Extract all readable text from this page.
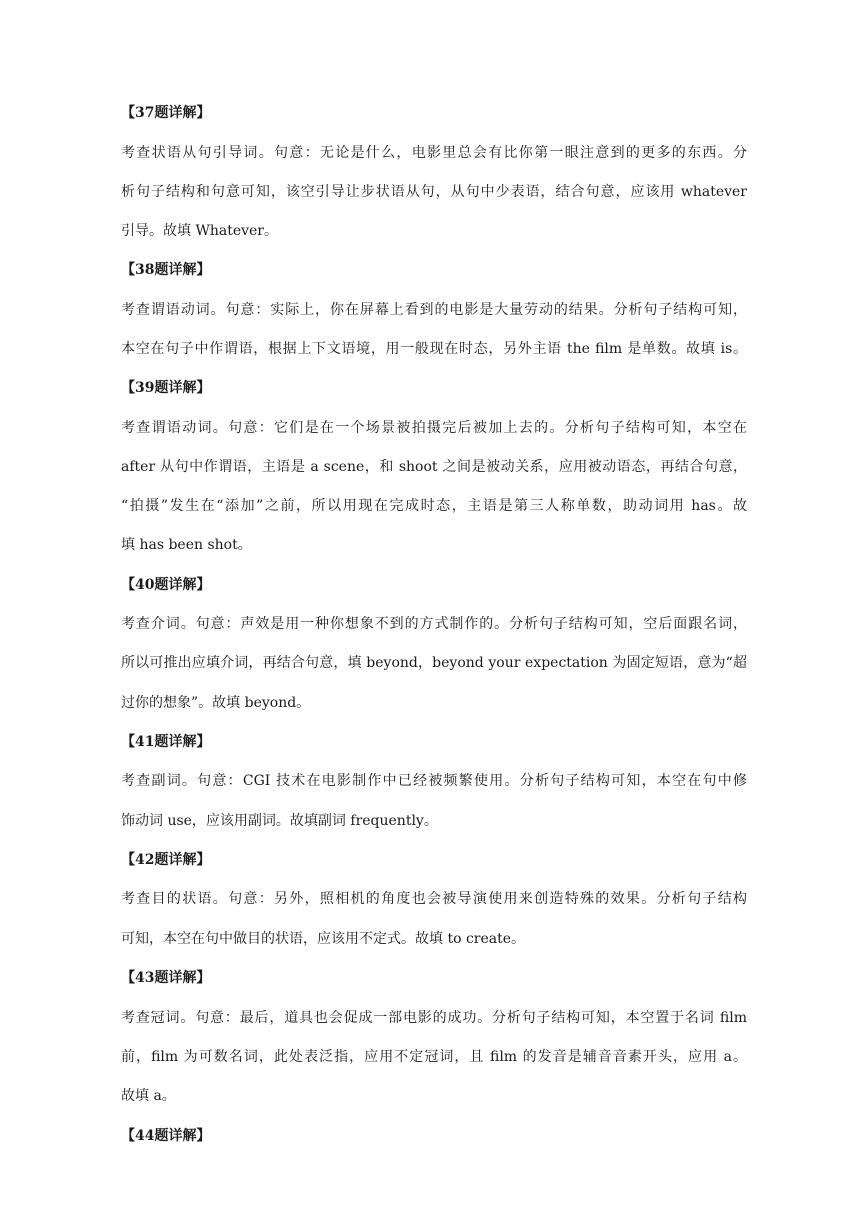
【37题详解】
考查状语从句引导词。句意：无论是什么，电影里总会有比你第一眼注意到的更多的东西。分
析句子结构和句意可知，该空引导让步状语从句，从句中少表语，结合句意，应该用 whatever
引导。故填 Whatever。
【38题详解】
考查谓语动词。句意：实际上，你在屏幕上看到的电影是大量劳动的结果。分析句子结构可知，
本空在句子中作谓语，根据上下文语境，用一般现在时态，另外主语 the film 是单数。故填 is。
【39题详解】
考查谓语动词。句意：它们是在一个场景被拍摄完后被加上去的。分析句子结构可知，本空在
after 从句中作谓语，主语是 a scene，和 shoot 之间是被动关系，应用被动语态，再结合句意，
“拍摄”发生在“添加”之前，所以用现在完成时态，主语是第三人称单数，助动词用 has。故
填 has been shot。
【40题详解】
考查介词。句意：声效是用一种你想象不到的方式制作的。分析句子结构可知，空后面跟名词，
所以可推出应填介词，再结合句意，填 beyond，beyond your expectation 为固定短语，意为“超
过你的想象”。故填 beyond。
【41题详解】
考查副词。句意：CGI 技术在电影制作中已经被频繁使用。分析句子结构可知，本空在句中修
饰动词 use，应该用副词。故填副词 frequently。
【42题详解】
考查目的状语。句意：另外，照相机的角度也会被导演使用来创造特殊的效果。分析句子结构
可知，本空在句中做目的状语，应该用不定式。故填 to create。
【43题详解】
考查冠词。句意：最后，道具也会促成一部电影的成功。分析句子结构可知，本空置于名词 film
前，film 为可数名词，此处表泛指，应用不定冠词，且 film 的发音是辅音音素开头，应用 a。
故填 a。
【44题详解】
